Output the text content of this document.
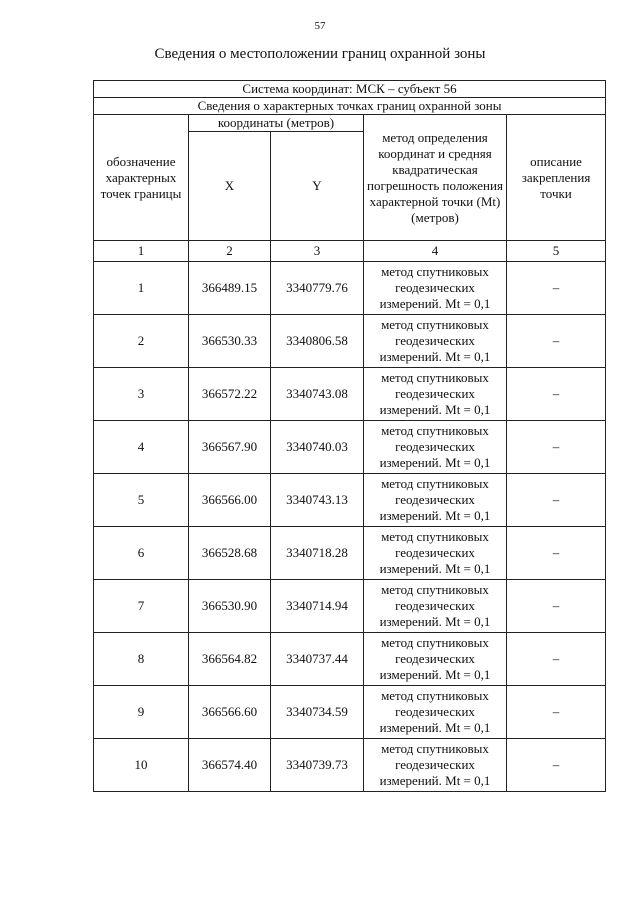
57
Сведения о местоположении границ охранной зоны
Система координат: МСК – субъект 56				
Сведения о характерных точках границ охранной зоны				
обозначение характерных точек границы	координаты (метров)		метод определения координат и средняя квадратическая погрешность положения характерной точки (Mt) (метров)	описание закрепления точки
	X	Y		
1	2	3	4	5
1	366489.15	3340779.76	метод спутниковых геодезических измерений. Mt = 0,1	–
2	366530.33	3340806.58	метод спутниковых геодезических измерений. Mt = 0,1	–
3	366572.22	3340743.08	метод спутниковых геодезических измерений. Mt = 0,1	–
4	366567.90	3340740.03	метод спутниковых геодезических измерений. Mt = 0,1	–
5	366566.00	3340743.13	метод спутниковых геодезических измерений. Mt = 0,1	–
6	366528.68	3340718.28	метод спутниковых геодезических измерений. Mt = 0,1	–
7	366530.90	3340714.94	метод спутниковых геодезических измерений. Mt = 0,1	–
8	366564.82	3340737.44	метод спутниковых геодезических измерений. Mt = 0,1	–
9	366566.60	3340734.59	метод спутниковых геодезических измерений. Mt = 0,1	–
10	366574.40	3340739.73	метод спутниковых геодезических измерений. Mt = 0,1	–
